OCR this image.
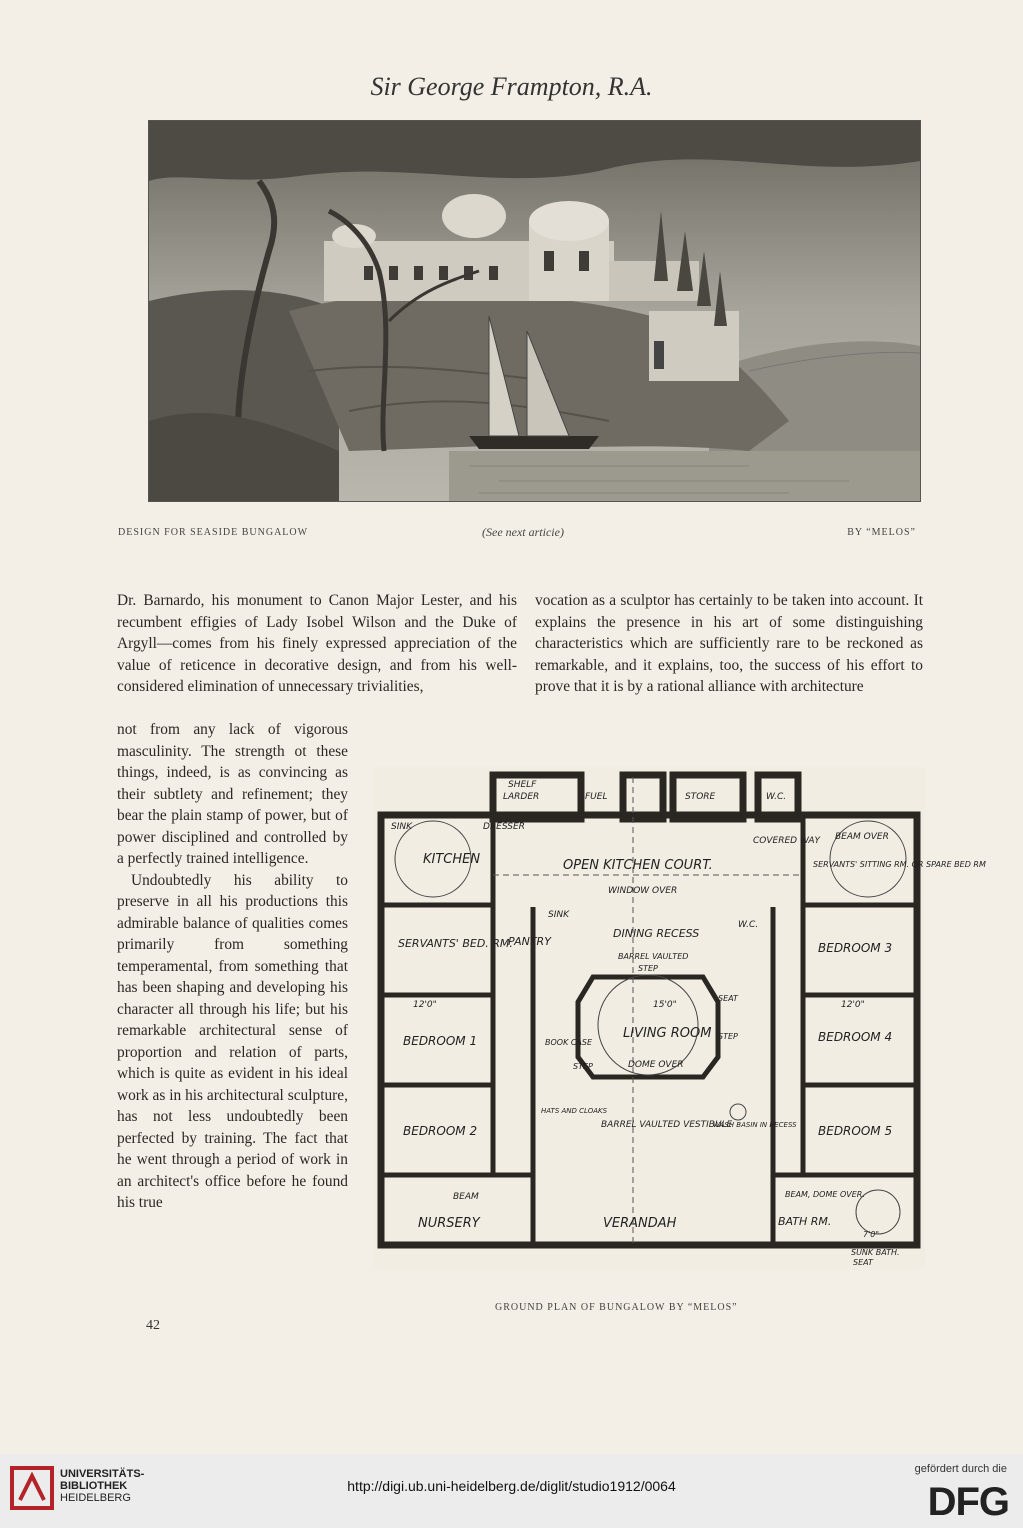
Sir George Frampton, R.A.
DESIGN FOR SEASIDE BUNGALOW	(See next articie)	BY “MELOS”
Dr. Barnardo, his monument to Canon Major Lester, and his recumbent effigies of Lady Isobel Wilson and the Duke of Argyll—comes from his finely expressed appreciation of the value of reticence in decorative design, and from his well-considered elimination of unnecessary trivialities,
vocation as a sculptor has certainly to be taken into account. It explains the presence in his art of some distinguishing characteristics which are sufficiently rare to be reckoned as remarkable, and it explains, too, the success of his effort to prove that it is by a rational alliance with architecture

not from any lack of vigorous masculinity. The strength ot these things, indeed, is as convincing as their subtlety and refinement; they bear the plain stamp of power, but of power disciplined and controlled by a perfectly trained intelligence.

Undoubtedly his ability to preserve in all his productions this admirable balance of qualities comes primarily from something temperamental, from something that has been shaping and developing his character all through his life; but his remarkable architectural sense of proportion and relation of parts, which is quite as evident in his ideal work as in his architectural sculpture, has not less undoubtedly been perfected by training. The fact that he went through a period of work in an architect's office before he found his true

SHELF
LARDER	FUEL	STORE	W.C.
SINK	DRESSER
KITCHEN	OPEN KITCHEN COURT.
COVERED WAY BEAM OVER
SERVANTS' SITTING RM. OR SPARE BED RM
WINDOW OVER
SINK
SERVANTS' BED. RM.
PANTRY
DINING RECESS
BARREL VAULTED
STEP
W.C.
BEDROOM 3
12'0"	15'0"	12'0"
SEAT
BEDROOM 1	BOOK CASE
LIVING ROOM
DOME OVER
STEP
STEP	BEDROOM 4
HATS AND CLOAKS
BARREL VAULTED VESTIBULE
WASH BASIN IN RECESS
BEDROOM 2	BEDROOM 5
BEAM
NURSERY	VERANDAH
BEAM, DOME OVER.
BATH RM.
7'0"
SUNK BATH.
SEAT
GROUND PLAN OF BUNGALOW BY “MELOS”
42
UNIVERSITÄTS-
BIBLIOTHEK
HEIDELBERG
http://digi.ub.uni-heidelberg.de/diglit/studio1912/0064
gefördert durch die
DFG
